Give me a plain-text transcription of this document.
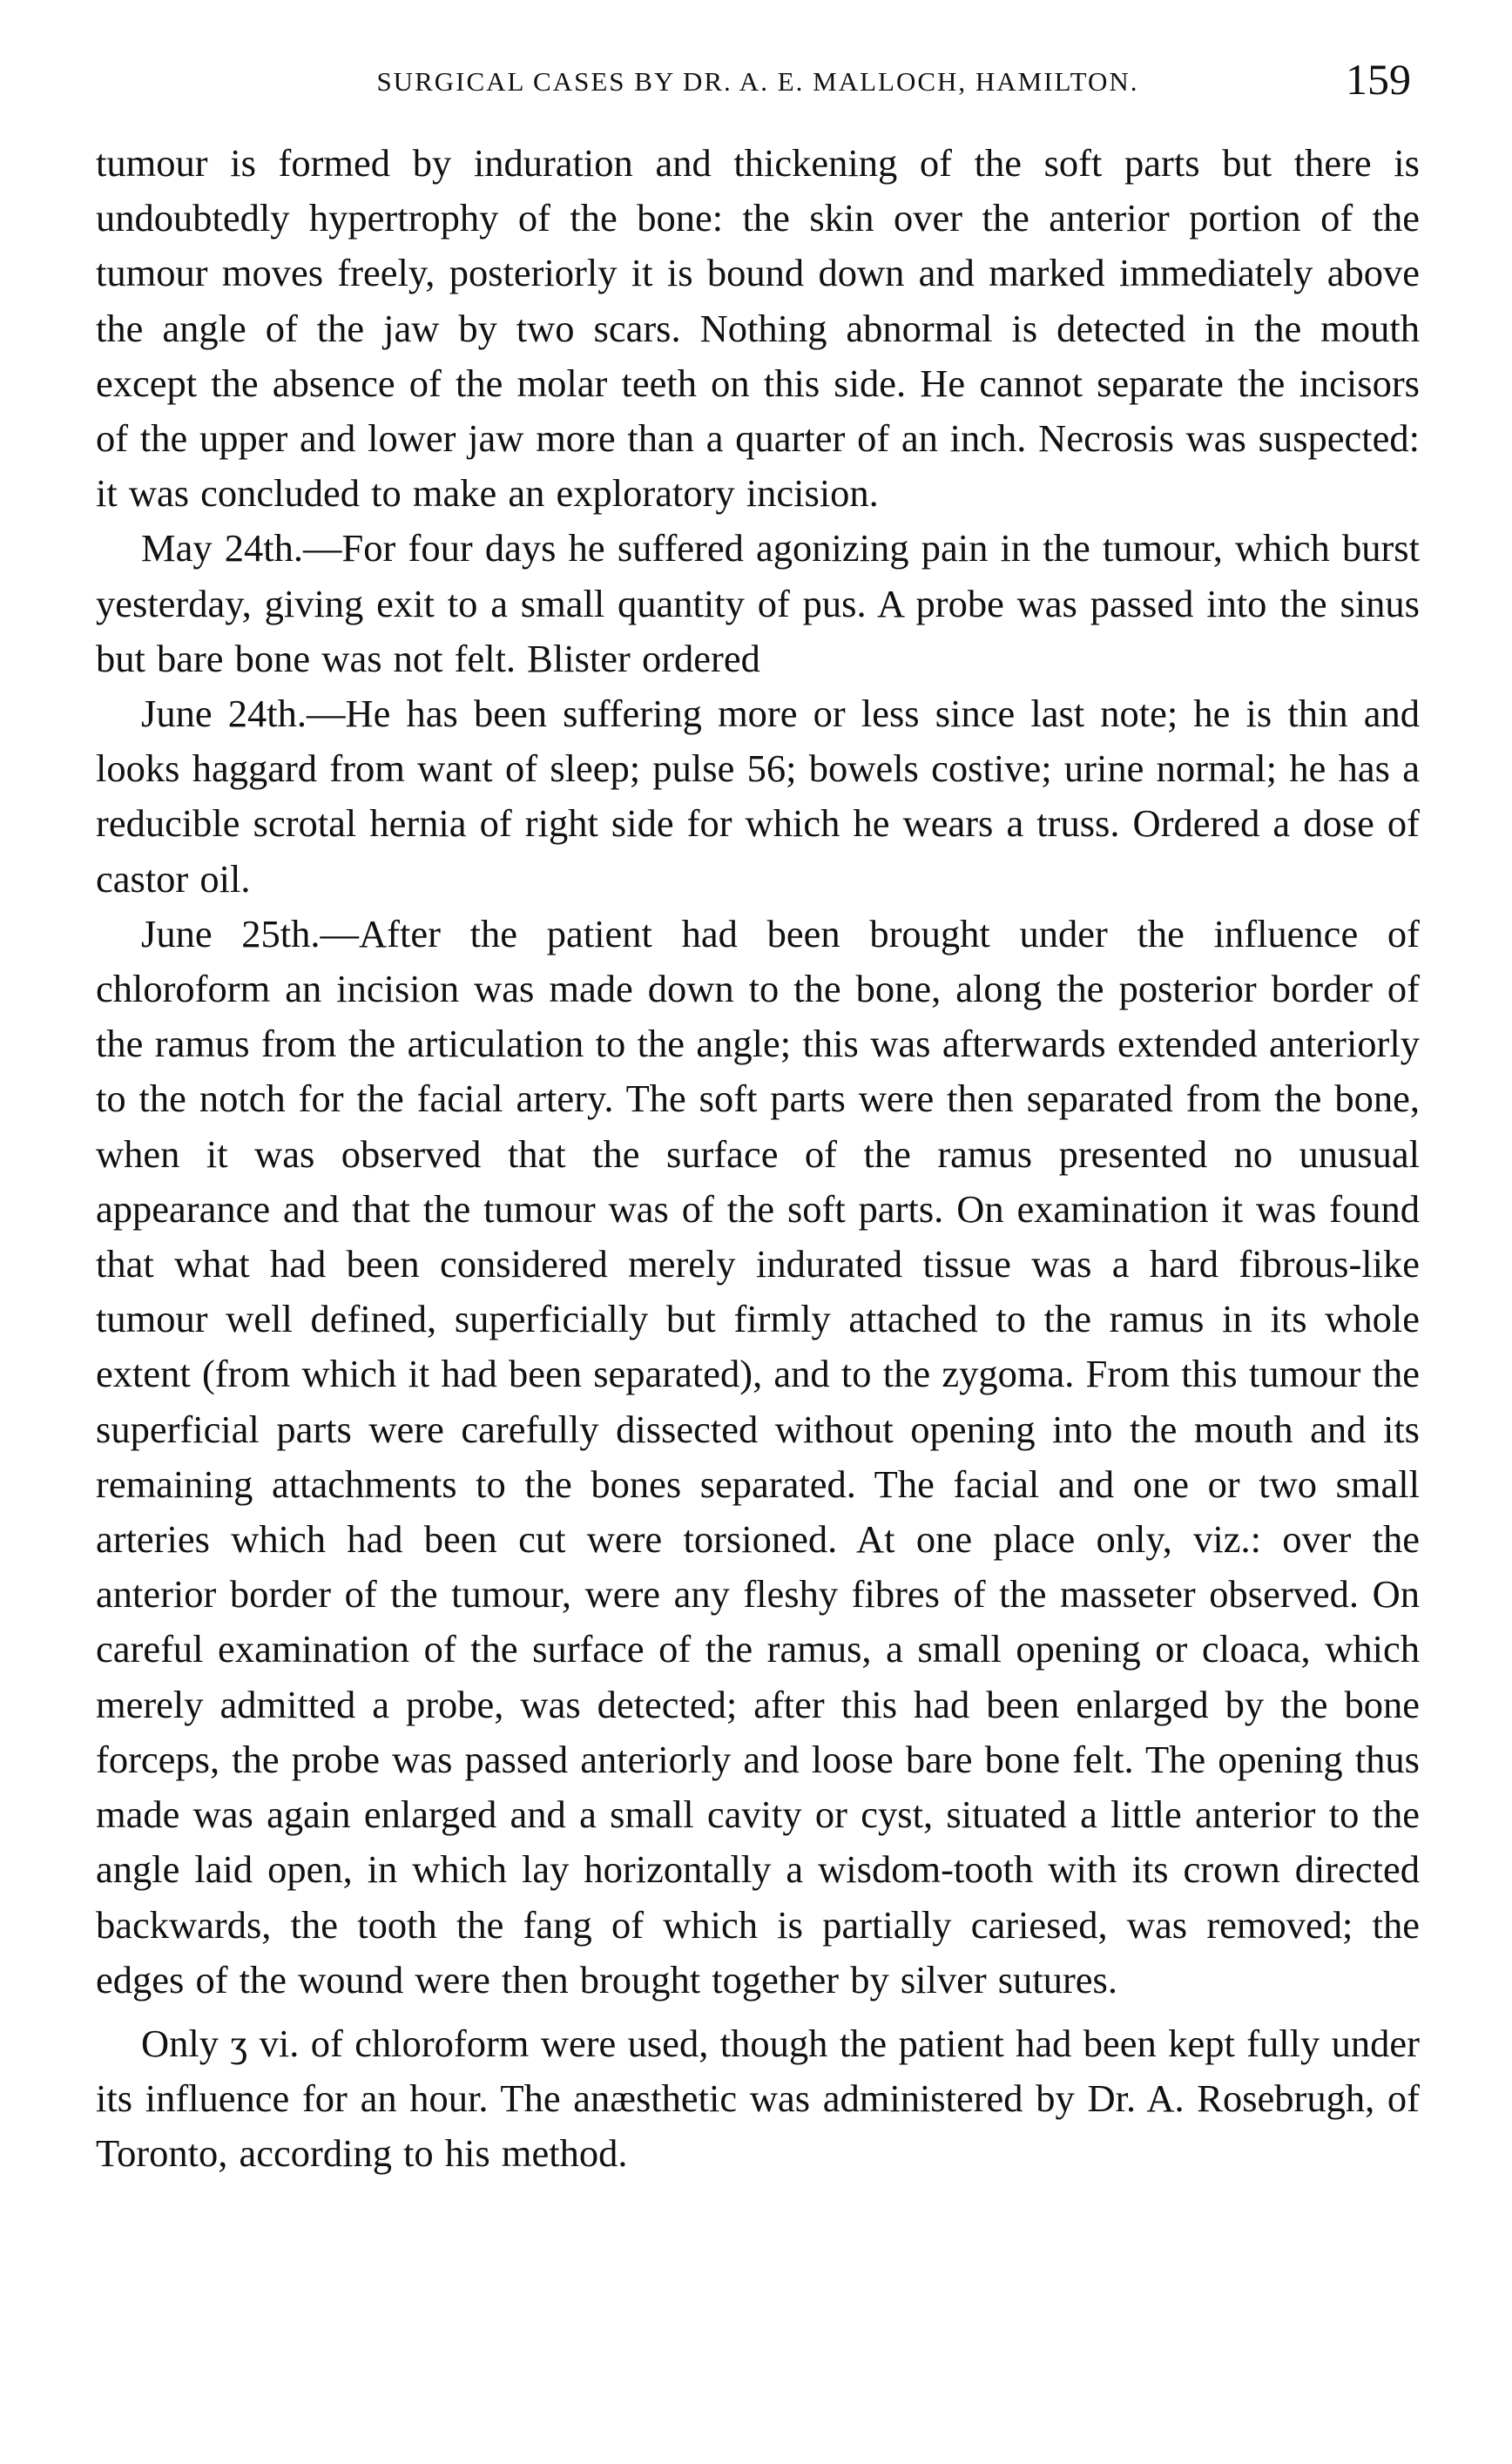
SURGICAL CASES BY DR. A. E. MALLOCH, HAMILTON.	159

tumour is formed by induration and thickening of the soft parts but there is undoubtedly hypertrophy of the bone: the skin over the anterior portion of the tumour moves freely, posteriorly it is bound down and marked immediately above the angle of the jaw by two scars. Nothing abnormal is detected in the mouth except the absence of the molar teeth on this side. He cannot separate the incisors of the upper and lower jaw more than a quarter of an inch. Necrosis was suspected: it was concluded to make an exploratory incision.

May 24th.—For four days he suffered agonizing pain in the tumour, which burst yesterday, giving exit to a small quantity of pus. A probe was passed into the sinus but bare bone was not felt. Blister ordered

June 24th.—He has been suffering more or less since last note; he is thin and looks haggard from want of sleep; pulse 56; bowels costive; urine normal; he has a reducible scrotal hernia of right side for which he wears a truss. Ordered a dose of castor oil.

June 25th.—After the patient had been brought under the influence of chloroform an incision was made down to the bone, along the posterior border of the ramus from the articulation to the angle; this was afterwards extended anteriorly to the notch for the facial artery. The soft parts were then separated from the bone, when it was observed that the surface of the ramus presented no unusual appearance and that the tumour was of the soft parts. On examination it was found that what had been considered merely indurated tissue was a hard fibrous-like tumour well defined, superficially but firmly attached to the ramus in its whole extent (from which it had been separated), and to the zygoma. From this tumour the superficial parts were carefully dissected without opening into the mouth and its remaining attachments to the bones separated. The facial and one or two small arteries which had been cut were torsioned. At one place only, viz.: over the anterior border of the tumour, were any fleshy fibres of the masseter observed. On careful examination of the surface of the ramus, a small opening or cloaca, which merely admitted a probe, was detected; after this had been enlarged by the bone forceps, the probe was passed anteriorly and loose bare bone felt. The opening thus made was again enlarged and a small cavity or cyst, situated a little anterior to the angle laid open, in which lay horizontally a wisdom-tooth with its crown directed backwards, the tooth the fang of which is partially cariesed, was removed; the edges of the wound were then brought together by silver sutures.

Only ʒ vi. of chloroform were used, though the patient had been kept fully under its influence for an hour. The anæsthetic was administered by Dr. A. Rosebrugh, of Toronto, according to his method.
